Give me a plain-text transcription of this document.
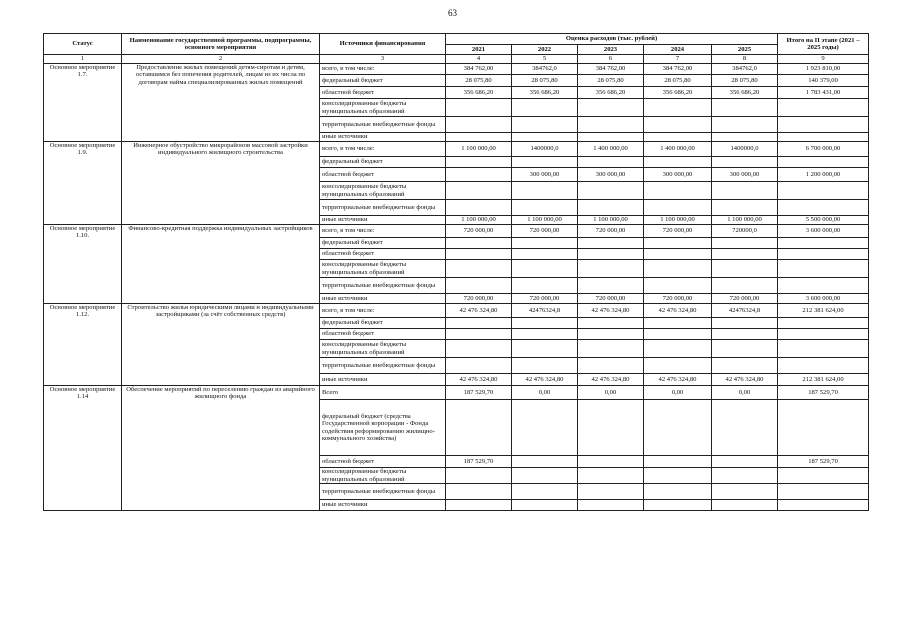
63
Статус	Наименование государственной программы, подпрограммы, основного мероприятия	Источники финансирования	Оценка расходов (тыс. рублей)					Итого на II этапе (2021 – 2025 годы)
			2021	2022	2023	2024	2025	
1	2	3	4	5	6	7	8	9
Основное мероприятие 1.7.	Предоставление жилых помещений детям-сиротам и детям, оставшимся без попечения родителей, лицам из их числа по договорам найма специализированных жилых помещений	всего, в том числе:	384 762,00	384762,0	384 762,00	384 762,00	384762,0	1 923 810,00
		федеральный бюджет	28 075,80	28 075,80	28 075,80	28 075,80	28 075,80	140 379,00
		областной бюджет	356 686,20	356 686,20	356 686,20	356 686,20	356 686,20	1 783 431,00
		консолидированные бюджеты муниципальных образований						
		территориальные внебюджетные фонды						
		иные источники						
Основное мероприятие 1.9.	Инженерное обустройство микрорайонов массовой застройки индивидуального жилищного строительства	всего, в том числе:	1 100 000,00	1400000,0	1 400 000,00	1 400 000,00	1400000,0	6 700 000,00
		федеральный бюджет						
		областной бюджет		300 000,00	300 000,00	300 000,00	300 000,00	1 200 000,00
		консолидированные бюджеты муниципальных образований						
		территориальные внебюджетные фонды						
		иные источники	1 100 000,00	1 100 000,00	1 100 000,00	1 100 000,00	1 100 000,00	5 500 000,00
Основное мероприятие 1.10.	Финансово-кредитная поддержка индивидуальных застройщиков	всего, в том числе:	720 000,00	720 000,00	720 000,00	720 000,00	720000,0	3 600 000,00
		федеральный бюджет						
		областной бюджет						
		консолидированные бюджеты муниципальных образований						
		территориальные внебюджетные фонды						
		иные источники	720 000,00	720 000,00	720 000,00	720 000,00	720 000,00	3 600 000,00
Основное мероприятие 1.12.	Строительство жилья юридическими лицами и индивидуальными застройщиками (за счёт собственных средств)	всего, в том числе:	42 476 324,80	42476324,8	42 476 324,80	42 476 324,80	42476324,8	212 381 624,00
		федеральный бюджет						
		областной бюджет						
		консолидированные бюджеты муниципальных образований						
		территориальные внебюджетные фонды						
		иные источники	42 476 324,80	42 476 324,80	42 476 324,80	42 476 324,80	42 476 324,80	212 381 624,00
Основное мероприятие 1.14	Обеспечение мероприятий по переселению граждан из аварийного жилищного фонда	Всего	187 529,70	0,00	0,00	0,00	0,00	187 529,70
		федеральный бюджет (средства Государственной корпорации - Фонда содействия реформированию жилищно-коммунального хозяйства)						
		областной бюджет	187 529,70					187 529,70
		консолидированные бюджеты муниципальных образований						
		территориальные внебюджетные фонды						
		иные источники						
